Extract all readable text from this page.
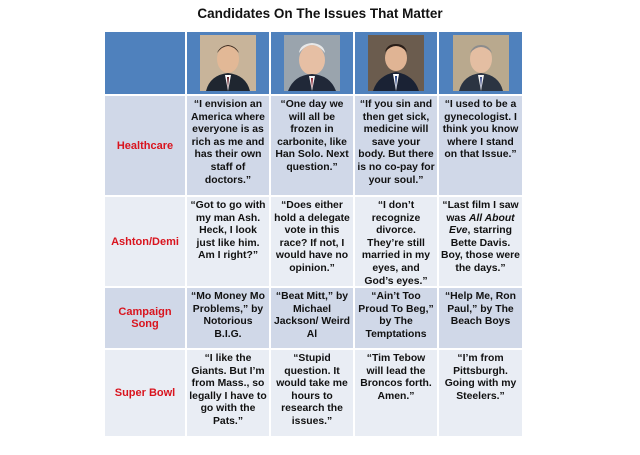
Candidates On The Issues That Matter
Healthcare
“I envision an America where everyone is as rich as me and has their own staff of doctors.”
“One day we will all be frozen in carbonite, like Han Solo. Next question.”
“If you sin and then get sick, medicine will save your body. But there is no co-pay for your soul.”
“I used to be a gynecologist. I think you know where I stand on that Issue.”
Ashton/Demi
“Got to go with my man Ash. Heck, I look just like him. Am I right?”
“Does either hold a delegate vote in this race? If not, I would have no opinion.”
“I don’t recognize divorce. They’re still married in my eyes, and God’s eyes.”
“Last film I saw was All About Eve, starring Bette Davis. Boy, those were the days.”
Campaign Song
“Mo Money Mo Problems,” by Notorious B.I.G.
“Beat Mitt,” by Michael Jackson/ Weird Al
“Ain’t Too Proud To Beg,” by The Temptations
“Help Me, Ron Paul,” by The Beach Boys
Super Bowl
“I like the Giants. But I’m from Mass., so legally I have to go with the Pats.”
“Stupid question. It would take me hours to research the issues.”
“Tim Tebow will lead the Broncos forth. Amen.”
“I’m from Pittsburgh. Going with my Steelers.”
